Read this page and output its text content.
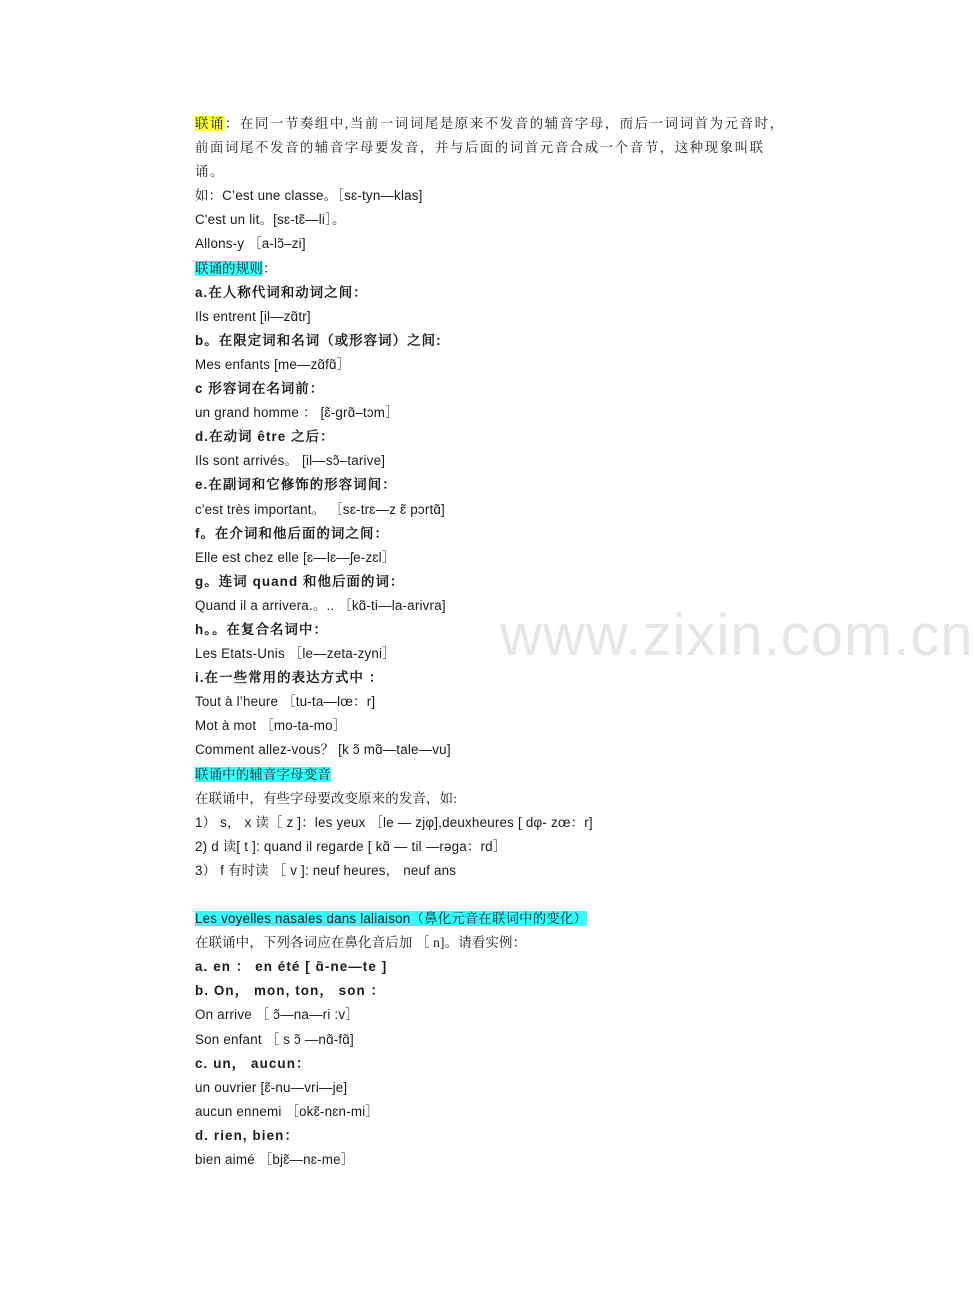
www.zixin.com.cn
联诵：在同一节奏组中,当前一词词尾是原来不发音的辅音字母，而后一词词首为元音时，前面词尾不发音的辅音字母要发音，并与后面的词首元音合成一个音节，这种现象叫联诵。
如：C’est une classe。［sɛ-tyn—klas]
C'est un lit。[sɛ-tɛ̃—li］。
Allons-y ［a-lɔ̃–zi]
联诵的规则：
a.在人称代词和动词之间：
Ils entrent [il—zɑ̃tr]
b。在限定词和名词（或形容词）之间:
Mes enfants [me—zɑ̃fɑ̃］
c 形容词在名词前：
un grand homme ： [ɛ̃-grɑ̃–tɔm］
d.在动词 être 之后：
Ils sont arrivés。 [il—sɔ̃–tarive]
e.在副词和它修饰的形容词间：
c'est très important。 ［sɛ-trɛ—z ɛ̃ pɔrtɑ̃]
f。在介词和他后面的词之间：
Elle est chez elle [ɛ—lɛ—ʃe-zɛl］
g。连词 quand 和他后面的词：
Quand il a arrivera.。.. ［kɑ̃-ti—la-arivra]
h。。在复合名词中：
Les Etats-Unis ［le—zeta-zyni］
i.在一些常用的表达方式中 ：
Tout à l’heure ［tu-ta—lœ：r]
Mot à mot ［mo-ta-mo］
Comment allez-vous？ [k ɔ̃ mɑ̃—tale—vu]
联诵中的辅音字母变音
在联诵中，有些字母要改变原来的发音，如:
1） s， x 读［ z ]：les yeux ［le — zjφ],deuxheures [ dφ- zœ：r]
2) d 读[ t ]: quand il regarde [ kɑ̃ — til —rəga：rd］
3） f 有时读 ［ v ]: neuf heures， neuf ans
Les voyelles nasales dans laliaison（鼻化元音在联词中的变化）
在联诵中，下列各词应在鼻化音后加 ［ n]。请看实例：
a. en ： en été [ ɑ̃-ne—te ]
b. On， mon, ton， son ：
On arrive ［ ɔ̃—na—ri :v］
Son enfant ［ s ɔ̃ —nɑ̃-fɑ̃]
c. un， aucun：
un ouvrier [ɛ̃-nu—vri—je]
aucun ennemi ［okɛ̃-nɛn-mi］
d. rien, bien：
bien aimé ［bjɛ̃—nɛ-me］
